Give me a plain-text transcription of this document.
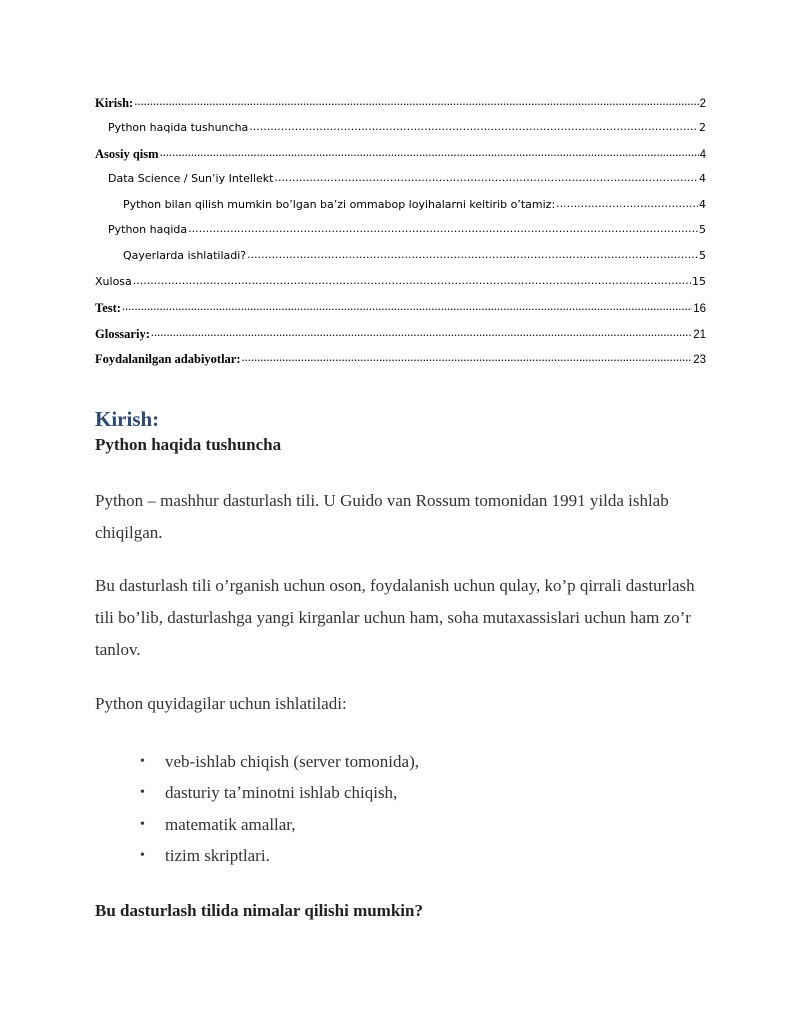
Kirish: .....	2
Python haqida tushuncha .....	2
Asosiy qism .....	4
Data Science / Sun’iy Intellekt .....	4
Python bilan qilish mumkin bo’lgan ba’zi ommabop loyihalarni keltirib o’tamiz: .....	4
Python haqida .....	5
Qayerlarda ishlatiladi? .....	5
Xulosa .....	15
Test: .....	16
Glossariy: .....	21
Foydalanilgan adabiyotlar: .....	23
Kirish:
Python haqida tushuncha

Python – mashhur dasturlash tili. U Guido van Rossum tomonidan 1991 yilda ishlab chiqilgan.

Bu dasturlash tili o’rganish uchun oson, foydalanish uchun qulay, ko’p qirrali dasturlash tili bo’lib, dasturlashga yangi kirganlar uchun ham, soha mutaxassislari uchun ham zo’r tanlov.

Python quyidagilar uchun ishlatiladi:

• veb-ishlab chiqish (server tomonida),
• dasturiy taʼminotni ishlab chiqish,
• matematik amallar,
• tizim skriptlari.
Bu dasturlash tilida nimalar qilishi mumkin?
